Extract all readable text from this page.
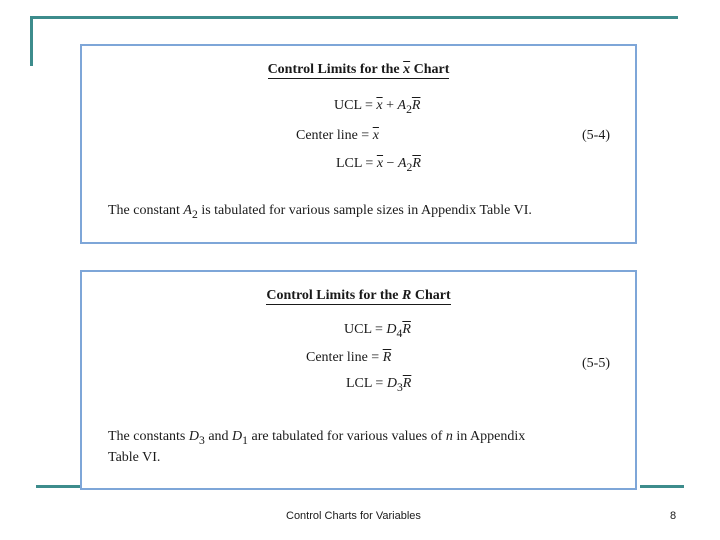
Control Limits for the $\overline{x}$ Chart
UCL = $\overline{x} + A_2\overline{R}$
Center line = $\overline{x}$
LCL = $\overline{x} - A_2\overline{R}$
(5-4)
The constant $A_2$ is tabulated for various sample sizes in Appendix Table VI.
Control Limits for the R Chart
UCL = $D_4\overline{R}$
Center line = $\overline{R}$
LCL = $D_3\overline{R}$
(5-5)
The constants $D_3$ and $D_1$ are tabulated for various values of n in Appendix
Table VI.
Control Charts for Variables	8
